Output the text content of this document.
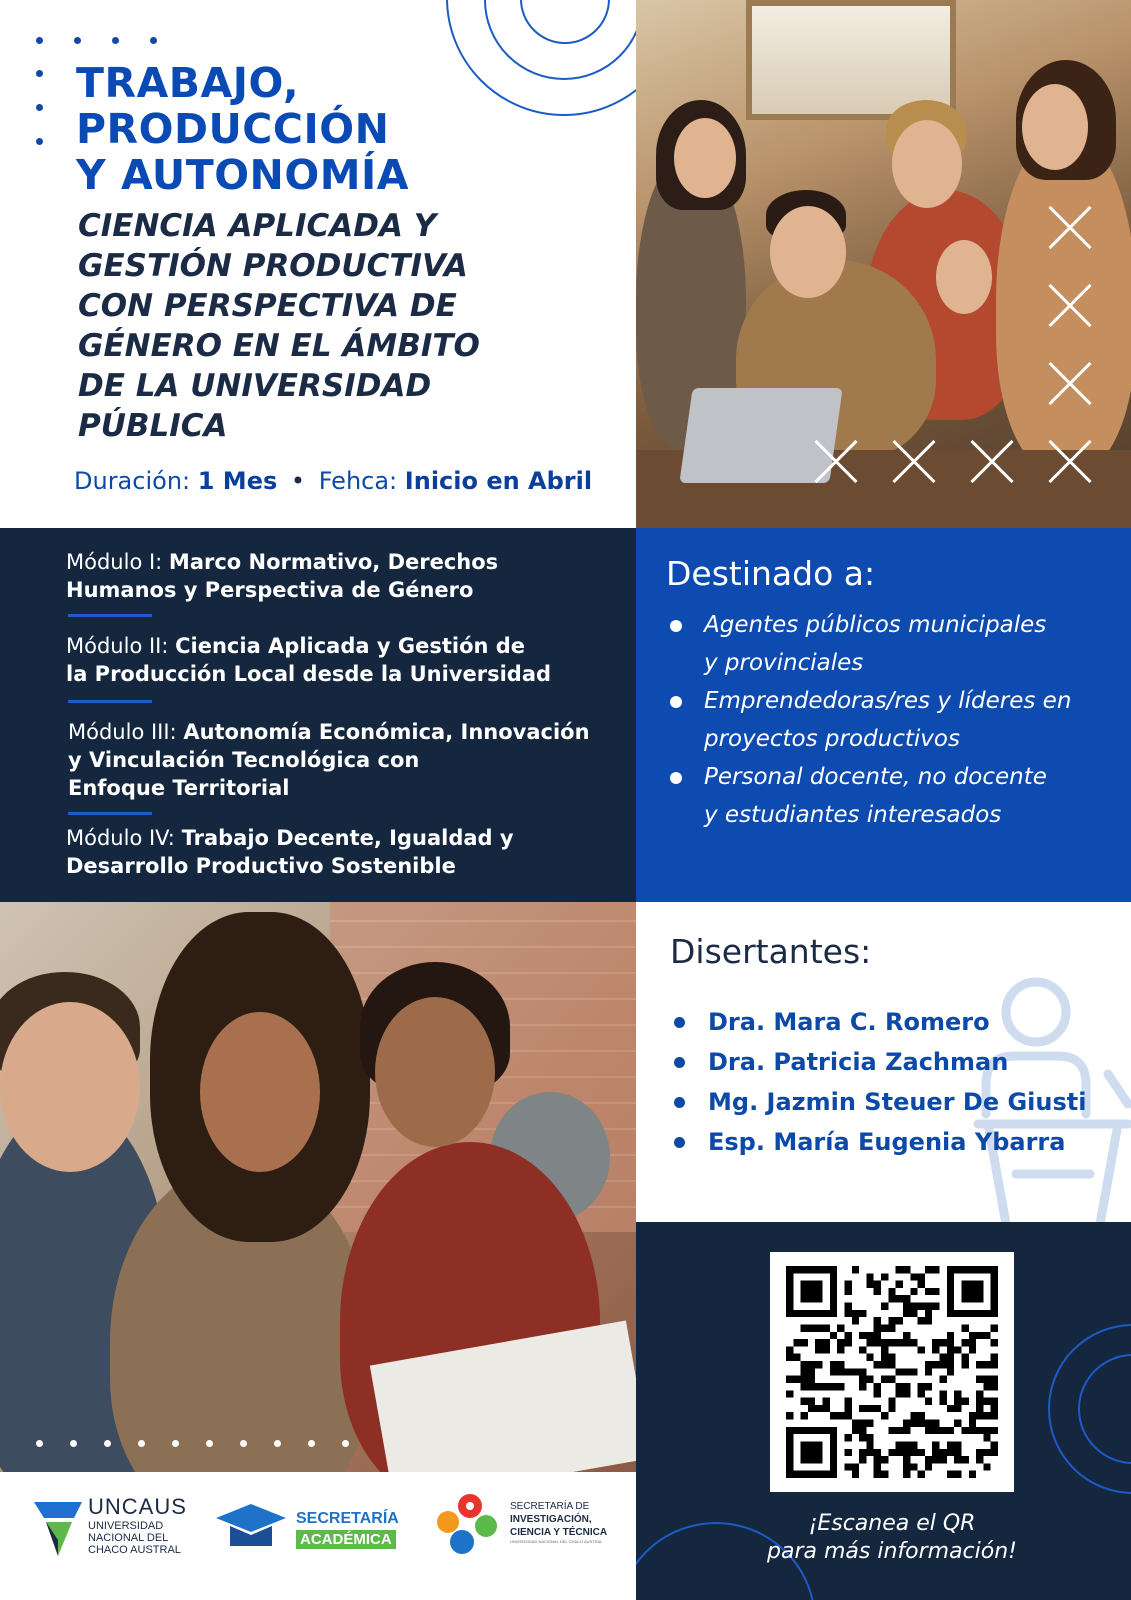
TRABAJO,
PRODUCCIÓN
Y AUTONOMÍA
CIENCIA APLICADA Y
GESTIÓN PRODUCTIVA
CON PERSPECTIVA DE
GÉNERO EN EL ÁMBITO
DE LA UNIVERSIDAD
PÚBLICA
Duración: 1 Mes • Fehca: Inicio en Abril
Módulo I: Marco Normativo, Derechos
Humanos y Perspectiva de Género
Módulo II: Ciencia Aplicada y Gestión de
la Producción Local desde la Universidad
Módulo III: Autonomía Económica, Innovación
y Vinculación Tecnológica con
Enfoque Territorial
Módulo IV: Trabajo Decente, Igualdad y
Desarrollo Productivo Sostenible
Destinado a:
Agentes públicos municipales
y provinciales
Emprendedoras/res y líderes en
proyectos productivos
Personal docente, no docente
y estudiantes interesados
Disertantes:
Dra. Mara C. Romero
Dra. Patricia Zachman
Mg. Jazmin Steuer De Giusti
Esp. María Eugenia Ybarra
¡Escanea el QR
para más información!
UNCAUS
UNIVERSIDAD
NACIONAL DEL
CHACO AUSTRAL
SECRETARÍA
ACADÉMICA
SECRETARÍA DE
INVESTIGACIÓN,
CIENCIA Y TÉCNICA
UNIVERSIDAD NACIONAL DEL CHACO AUSTRAL
